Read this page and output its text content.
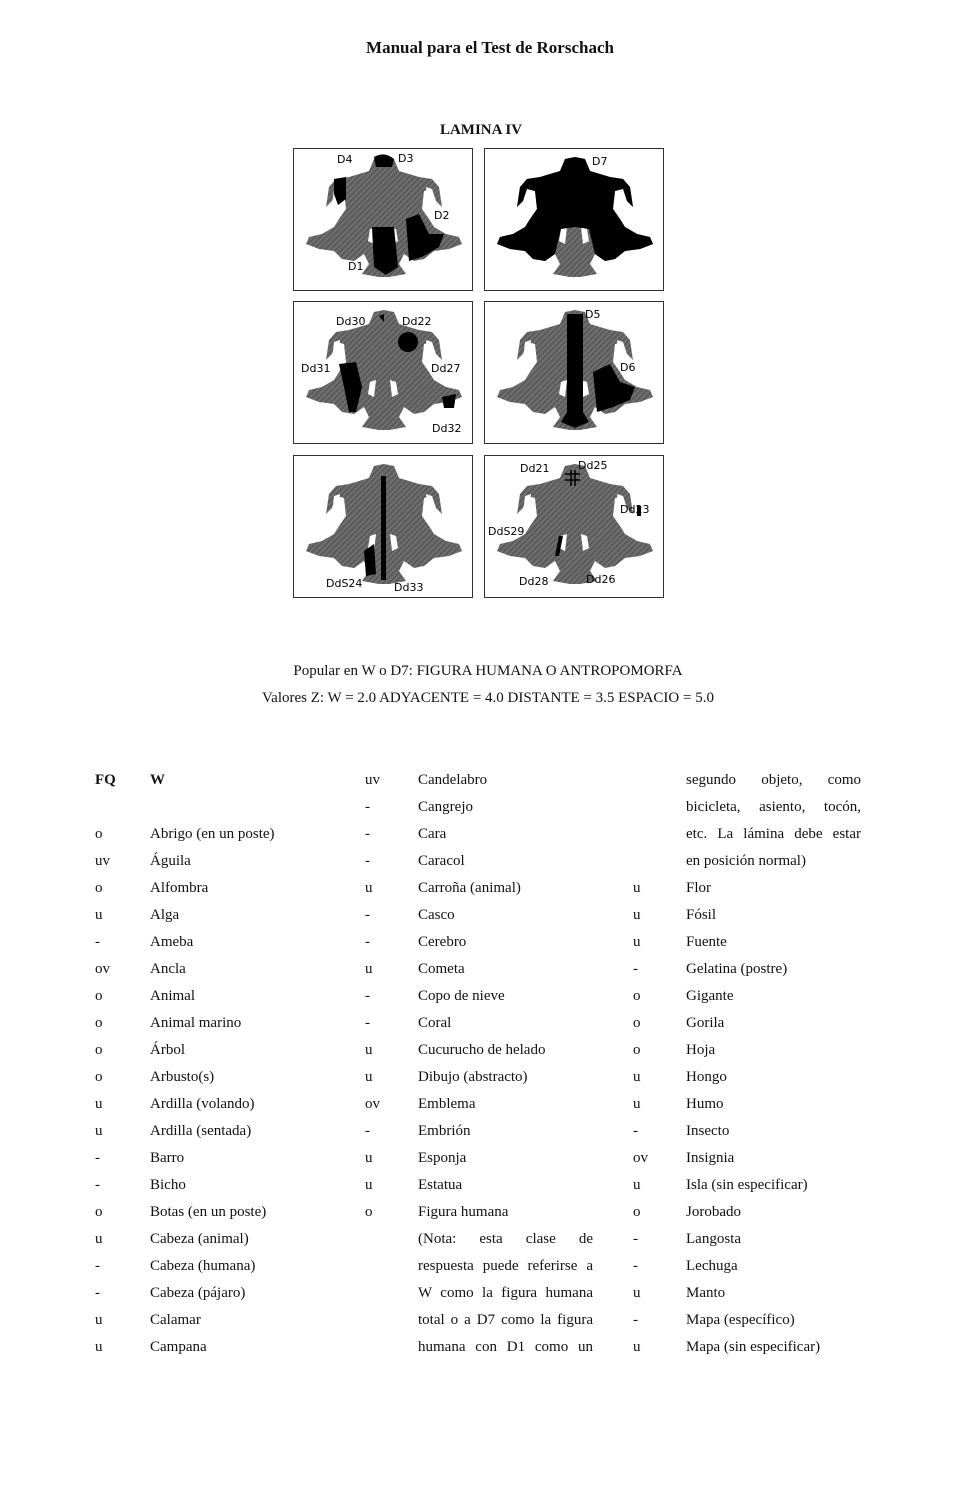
Manual para el Test de Rorschach
LAMINA IV
D4	D3
D2
D1
D7
Dd30	Dd22
Dd31	Dd27
Dd32
D5
D6
DdS24	Dd33
Dd21	Dd25
Dd23
DdS29
Dd28	Dd26
Popular en W o D7: FIGURA HUMANA O ANTROPOMORFA
Valores Z: W = 2.0 ADYACENTE = 4.0 DISTANTE = 3.5 ESPACIO = 5.0
FQ	W
o	Abrigo (en un poste)
uv	Águila
o	Alfombra
u	Alga
-	Ameba
ov	Ancla
o	Animal
o	Animal marino
o	Árbol
o	Arbusto(s)
u	Ardilla (volando)
u	Ardilla (sentada)
-	Barro
-	Bicho
o	Botas (en un poste)
u	Cabeza (animal)
-	Cabeza (humana)
-	Cabeza (pájaro)
u	Calamar
u	Campana
uv	Candelabro
-	Cangrejo
-	Cara
-	Caracol
u	Carroña (animal)
-	Casco
-	Cerebro
u	Cometa
-	Copo de nieve
-	Coral
u	Cucurucho de helado
u	Dibujo (abstracto)
ov	Emblema
-	Embrión
u	Esponja
u	Estatua
o	Figura humana
(Nota: esta clase de
respuesta puede referirse a
W como la figura humana
total o a D7 como la figura
humana con D1 como un
segundo objeto, como
bicicleta, asiento, tocón,
etc. La lámina debe estar
en posición normal)
u	Flor
u	Fósil
u	Fuente
-	Gelatina (postre)
o	Gigante
o	Gorila
o	Hoja
u	Hongo
u	Humo
-	Insecto
ov	Insignia
u	Isla (sin especificar)
o	Jorobado
-	Langosta
-	Lechuga
u	Manto
-	Mapa (específico)
u	Mapa (sin especificar)
